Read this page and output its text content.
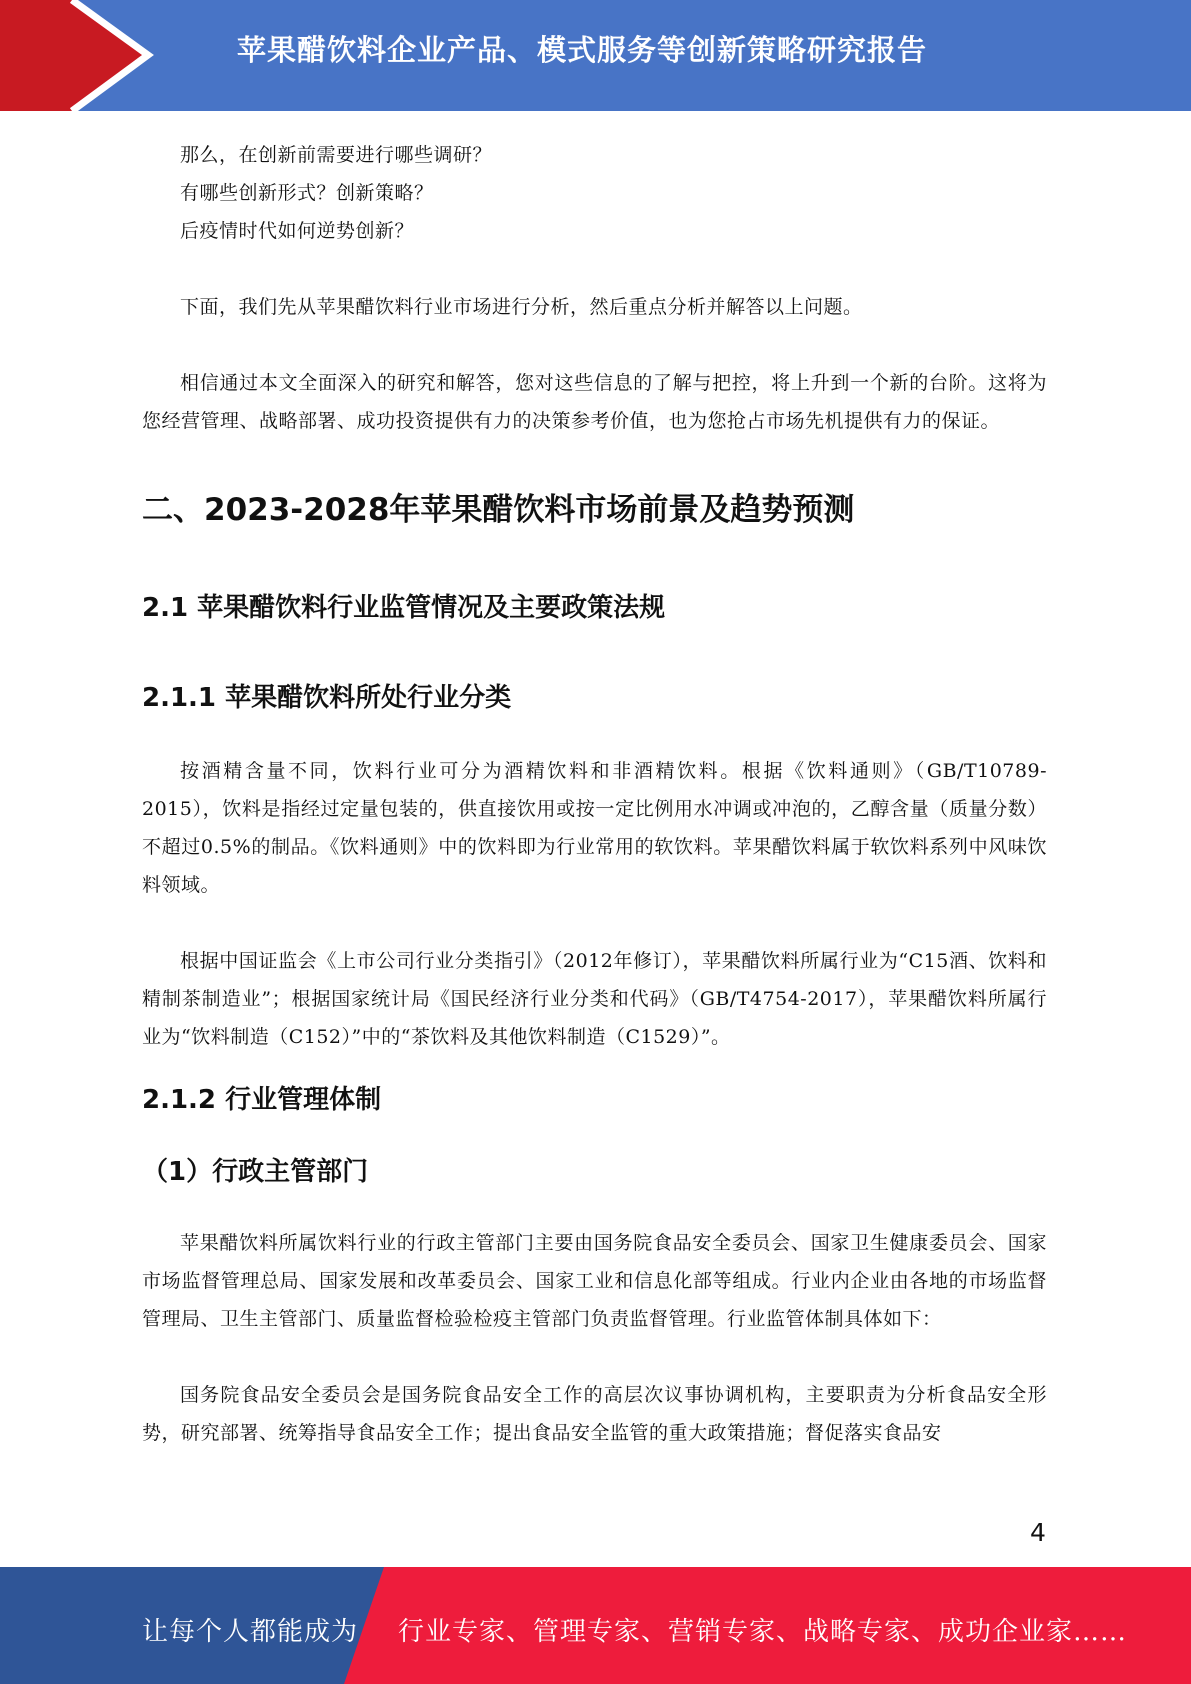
苹果醋饮料企业产品、模式服务等创新策略研究报告

那么，在创新前需要进行哪些调研？

有哪些创新形式？创新策略？

后疫情时代如何逆势创新？

下面，我们先从苹果醋饮料行业市场进行分析，然后重点分析并解答以上问题。

相信通过本文全面深入的研究和解答，您对这些信息的了解与把控，将上升到一个新的台阶。这将为您经营管理、战略部署、成功投资提供有力的决策参考价值，也为您抢占市场先机提供有力的保证。

二、2023-2028年苹果醋饮料市场前景及趋势预测
2.1 苹果醋饮料行业监管情况及主要政策法规
2.1.1 苹果醋饮料所处行业分类

按酒精含量不同，饮料行业可分为酒精饮料和非酒精饮料。根据《饮料通则》（GB/T10789-2015），饮料是指经过定量包装的，供直接饮用或按一定比例用水冲调或冲泡的，乙醇含量（质量分数）不超过0.5%的制品。《饮料通则》中的饮料即为行业常用的软饮料。苹果醋饮料属于软饮料系列中风味饮料领域。

根据中国证监会《上市公司行业分类指引》（2012年修订），苹果醋饮料所属行业为“C15酒、饮料和精制茶制造业”；根据国家统计局《国民经济行业分类和代码》（GB/T4754-2017），苹果醋饮料所属行业为“饮料制造（C152）”中的“茶饮料及其他饮料制造（C1529）”。

2.1.2 行业管理体制
（1）行政主管部门

苹果醋饮料所属饮料行业的行政主管部门主要由国务院食品安全委员会、国家卫生健康委员会、国家市场监督管理总局、国家发展和改革委员会、国家工业和信息化部等组成。行业内企业由各地的市场监督管理局、卫生主管部门、质量监督检验检疫主管部门负责监督管理。行业监管体制具体如下：

国务院食品安全委员会是国务院食品安全工作的高层次议事协调机构，主要职责为分析食品安全形势，研究部署、统筹指导食品安全工作；提出食品安全监管的重大政策措施；督促落实食品安

4
让每个人都能成为 行业专家、管理专家、营销专家、战略专家、成功企业家……
